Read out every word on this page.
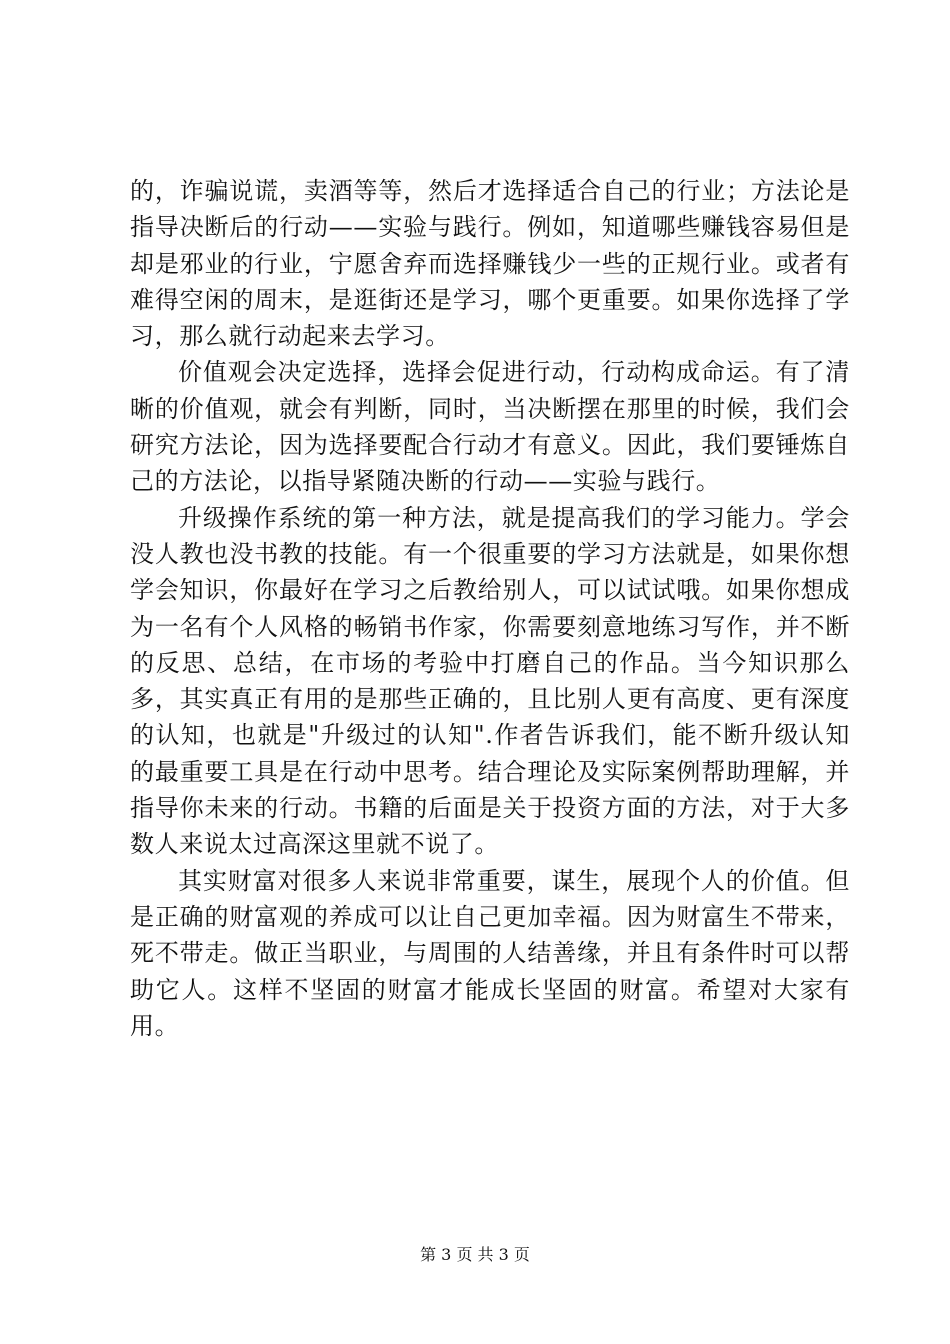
的，诈骗说谎，卖酒等等，然后才选择适合自己的行业；方法论是指导决断后的行动——实验与践行。例如，知道哪些赚钱容易但是却是邪业的行业，宁愿舍弃而选择赚钱少一些的正规行业。或者有难得空闲的周末，是逛街还是学习，哪个更重要。如果你选择了学习，那么就行动起来去学习。

价值观会决定选择，选择会促进行动，行动构成命运。有了清晰的价值观，就会有判断，同时，当决断摆在那里的时候，我们会研究方法论，因为选择要配合行动才有意义。因此，我们要锤炼自己的方法论，以指导紧随决断的行动——实验与践行。

升级操作系统的第一种方法，就是提高我们的学习能力。学会没人教也没书教的技能。有一个很重要的学习方法就是，如果你想学会知识，你最好在学习之后教给别人，可以试试哦。如果你想成为一名有个人风格的畅销书作家，你需要刻意地练习写作，并不断的反思、总结，在市场的考验中打磨自己的作品。当今知识那么多，其实真正有用的是那些正确的，且比别人更有高度、更有深度的认知，也就是"升级过的认知".作者告诉我们，能不断升级认知的最重要工具是在行动中思考。结合理论及实际案例帮助理解，并指导你未来的行动。书籍的后面是关于投资方面的方法，对于大多数人来说太过高深这里就不说了。

其实财富对很多人来说非常重要，谋生，展现个人的价值。但是正确的财富观的养成可以让自己更加幸福。因为财富生不带来，死不带走。做正当职业，与周围的人结善缘，并且有条件时可以帮助它人。这样不坚固的财富才能成长坚固的财富。希望对大家有用。

第 3 页 共 3 页
